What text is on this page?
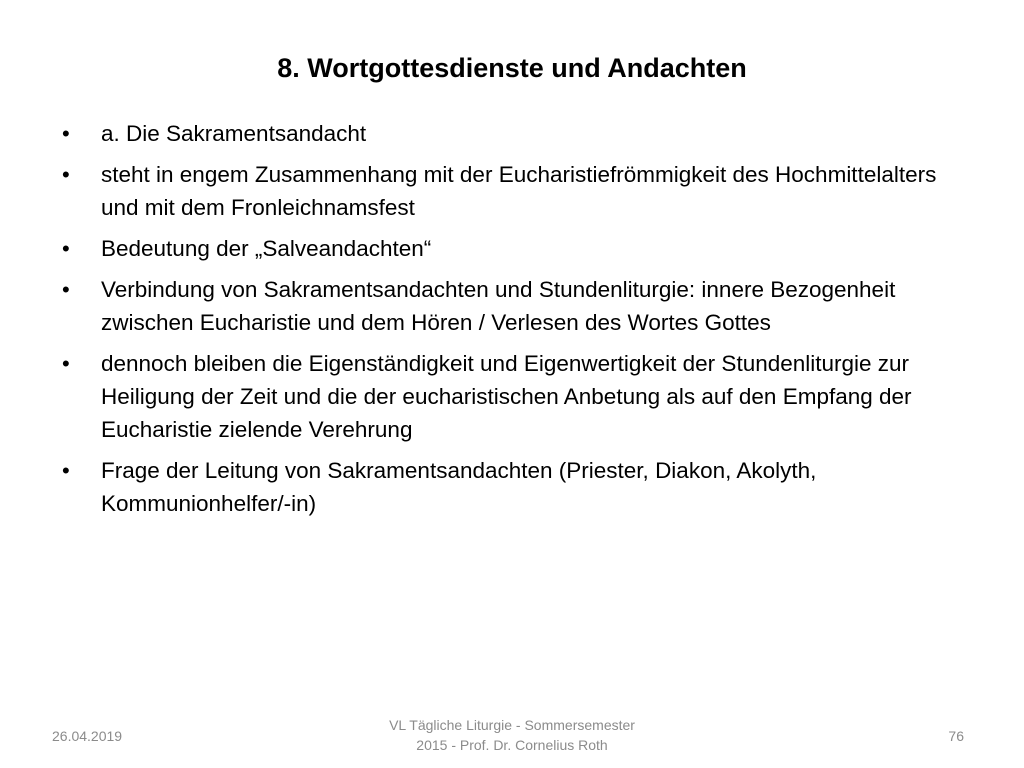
8. Wortgottesdienste und Andachten
•	a. Die Sakramentsandacht
•	steht in engem Zusammenhang mit der Eucharistiefrömmigkeit des Hochmittelalters und mit dem Fronleichnamsfest
•	Bedeutung der „Salveandachten“
•	Verbindung von Sakramentsandachten und Stundenliturgie: innere Bezogenheit zwischen Eucharistie und dem Hören / Verlesen des Wortes Gottes
•	dennoch bleiben die Eigenständigkeit und Eigenwertigkeit der Stundenliturgie zur Heiligung der Zeit und die der eucharistischen Anbetung als auf den Empfang der Eucharistie zielende Verehrung
•	Frage der Leitung von Sakramentsandachten (Priester, Diakon, Akolyth, Kommunionhelfer/-in)
26.04.2019
VL Tägliche Liturgie - Sommersemester
2015 - Prof. Dr. Cornelius Roth
76
